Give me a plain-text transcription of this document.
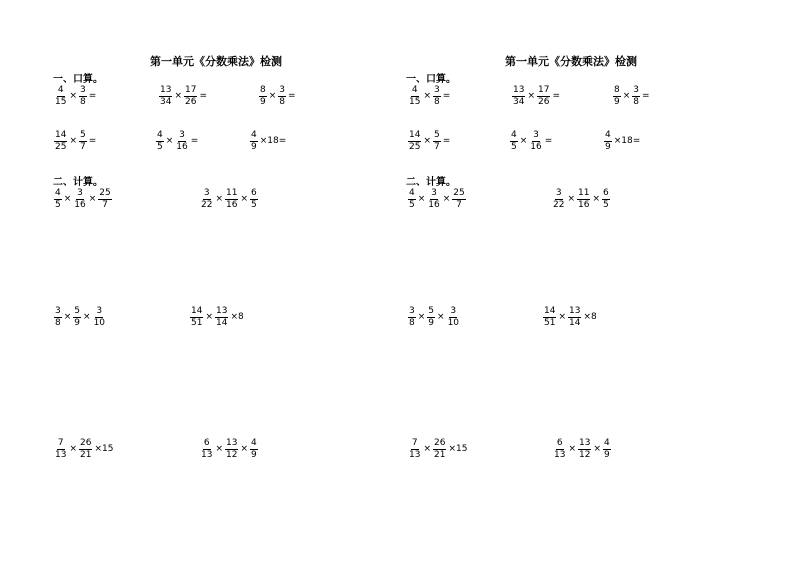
第一单元《分数乘法》检测
一、口算。
$\frac{4}{15} \times \frac{3}{8}$ =	$\frac{13}{34} \times \frac{17}{26}$ =	$\frac{8}{9} \times \frac{3}{8}$ =
$\frac{14}{25} \times \frac{5}{7}$ =	$\frac{4}{5} \times \frac{3}{16}$ =	$\frac{4}{9} \times 18=$
二、计算。
$\frac{4}{5} \times \frac{3}{16} \times \frac{25}{7}$	$\frac{3}{22} \times \frac{11}{16} \times \frac{6}{5}$
$\frac{3}{8} \times \frac{5}{9} \times \frac{3}{10}$	$\frac{14}{51} \times \frac{13}{14} \times 8$
$\frac{7}{13} \times \frac{26}{21} \times 15$	$\frac{6}{13} \times \frac{13}{12} \times \frac{4}{9}$
第一单元《分数乘法》检测
一、口算。
$\frac{4}{15} \times \frac{3}{8}$ =	$\frac{13}{34} \times \frac{17}{26}$ =	$\frac{8}{9} \times \frac{3}{8}$ =
$\frac{14}{25} \times \frac{5}{7}$ =	$\frac{4}{5} \times \frac{3}{16}$ =	$\frac{4}{9} \times 18=$
二、计算。
$\frac{4}{5} \times \frac{3}{16} \times \frac{25}{7}$	$\frac{3}{22} \times \frac{11}{16} \times \frac{6}{5}$
$\frac{3}{8} \times \frac{5}{9} \times \frac{3}{10}$	$\frac{14}{51} \times \frac{13}{14} \times 8$
$\frac{7}{13} \times \frac{26}{21} \times 15$	$\frac{6}{13} \times \frac{13}{12} \times \frac{4}{9}$
